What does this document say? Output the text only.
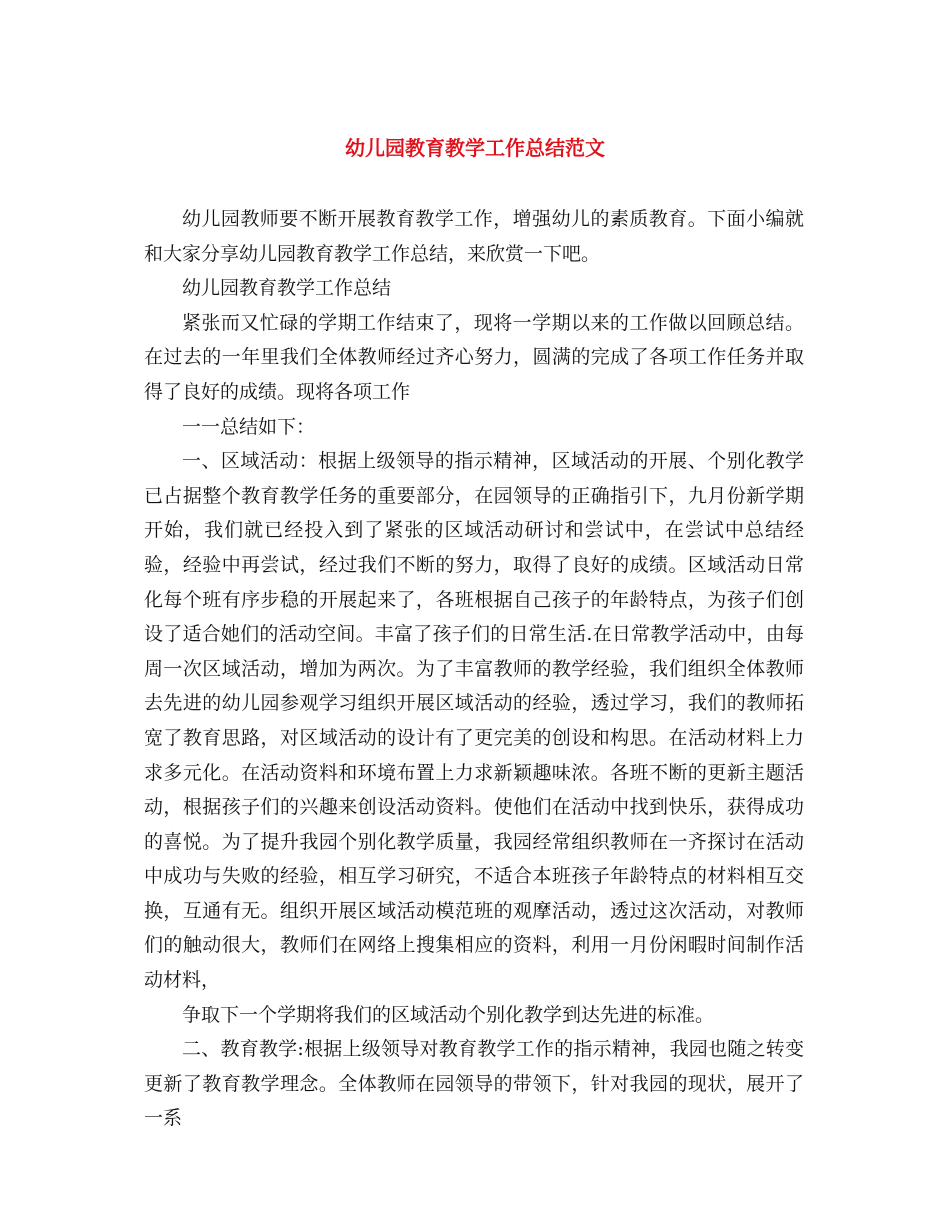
幼儿园教育教学工作总结范文

幼儿园教师要不断开展教育教学工作，增强幼儿的素质教育。下面小编就和大家分享幼儿园教育教学工作总结，来欣赏一下吧。

幼儿园教育教学工作总结

紧张而又忙碌的学期工作结束了，现将一学期以来的工作做以回顾总结。在过去的一年里我们全体教师经过齐心努力，圆满的完成了各项工作任务并取得了良好的成绩。现将各项工作

一一总结如下：

一、区域活动：根据上级领导的指示精神，区域活动的开展、个别化教学已占据整个教育教学任务的重要部分，在园领导的正确指引下，九月份新学期开始，我们就已经投入到了紧张的区域活动研讨和尝试中，在尝试中总结经验，经验中再尝试，经过我们不断的努力，取得了良好的成绩。区域活动日常化每个班有序步稳的开展起来了，各班根据自己孩子的年龄特点，为孩子们创设了适合她们的活动空间。丰富了孩子们的日常生活.在日常教学活动中，由每周一次区域活动，增加为两次。为了丰富教师的教学经验，我们组织全体教师去先进的幼儿园参观学习组织开展区域活动的经验，透过学习，我们的教师拓宽了教育思路，对区域活动的设计有了更完美的创设和构思。在活动材料上力求多元化。在活动资料和环境布置上力求新颖趣味浓。各班不断的更新主题活动，根据孩子们的兴趣来创设活动资料。使他们在活动中找到快乐，获得成功的喜悦。为了提升我园个别化教学质量，我园经常组织教师在一齐探讨在活动中成功与失败的经验，相互学习研究，不适合本班孩子年龄特点的材料相互交换，互通有无。组织开展区域活动模范班的观摩活动，透过这次活动，对教师们的触动很大，教师们在网络上搜集相应的资料，利用一月份闲暇时间制作活动材料，

争取下一个学期将我们的区域活动个别化教学到达先进的标准。

二、教育教学:根据上级领导对教育教学工作的指示精神，我园也随之转变更新了教育教学理念。全体教师在园领导的带领下，针对我园的现状，展开了一系
